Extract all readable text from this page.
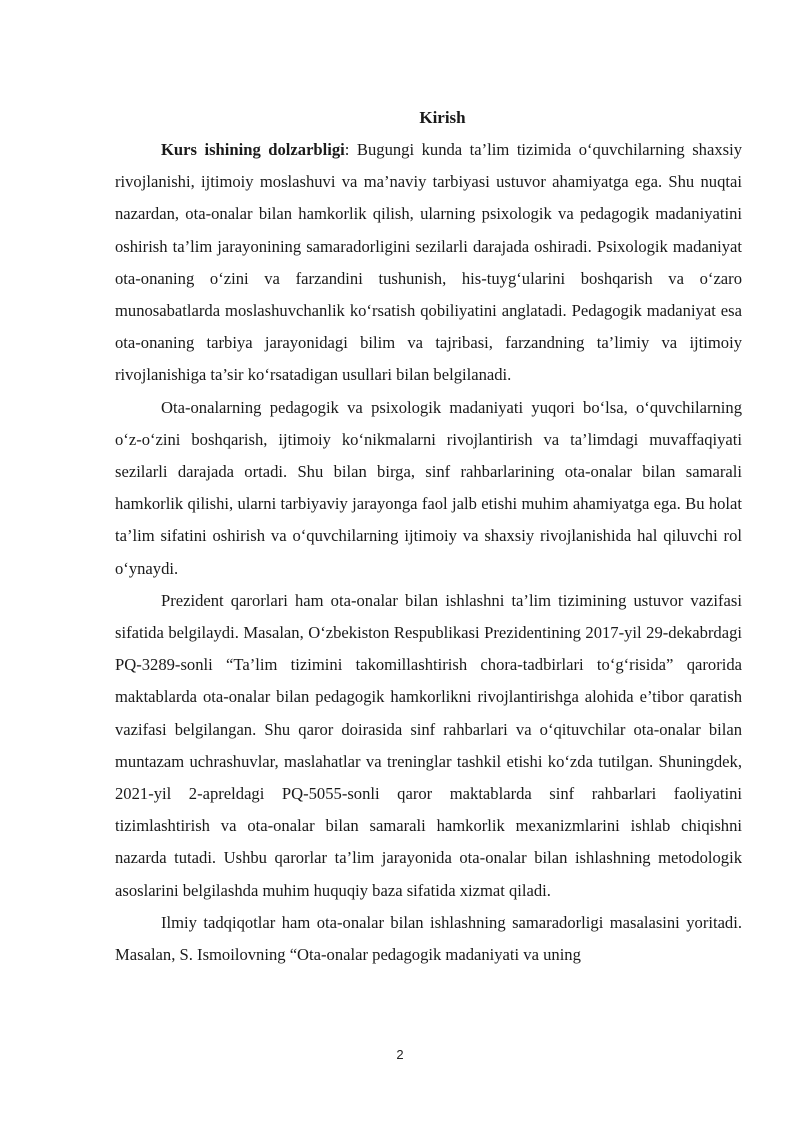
Kirish

Kurs ishining dolzarbligi: Bugungi kunda ta’lim tizimida o‘quvchilarning shaxsiy rivojlanishi, ijtimoiy moslashuvi va ma’naviy tarbiyasi ustuvor ahamiyatga ega. Shu nuqtai nazardan, ota-onalar bilan hamkorlik qilish, ularning psixologik va pedagogik madaniyatini oshirish ta’lim jarayonining samaradorligini sezilarli darajada oshiradi. Psixologik madaniyat ota-onaning o‘zini va farzandini tushunish, his-tuyg‘ularini boshqarish va o‘zaro munosabatlarda moslashuvchanlik ko‘rsatish qobiliyatini anglatadi. Pedagogik madaniyat esa ota-onaning tarbiya jarayonidagi bilim va tajribasi, farzandning ta’limiy va ijtimoiy rivojlanishiga ta’sir ko‘rsatadigan usullari bilan belgilanadi.

Ota-onalarning pedagogik va psixologik madaniyati yuqori bo‘lsa, o‘quvchilarning o‘z-o‘zini boshqarish, ijtimoiy ko‘nikmalarni rivojlantirish va ta’limdagi muvaffaqiyati sezilarli darajada ortadi. Shu bilan birga, sinf rahbarlarining ota-onalar bilan samarali hamkorlik qilishi, ularni tarbiyaviy jarayonga faol jalb etishi muhim ahamiyatga ega. Bu holat ta’lim sifatini oshirish va o‘quvchilarning ijtimoiy va shaxsiy rivojlanishida hal qiluvchi rol o‘ynaydi.

Prezident qarorlari ham ota-onalar bilan ishlashni ta’lim tizimining ustuvor vazifasi sifatida belgilaydi. Masalan, O‘zbekiston Respublikasi Prezidentining 2017-yil 29-dekabrdagi PQ-3289-sonli “Ta’lim tizimini takomillashtirish chora-tadbirlari to‘g‘risida” qarorida maktablarda ota-onalar bilan pedagogik hamkorlikni rivojlantirishga alohida e’tibor qaratish vazifasi belgilangan. Shu qaror doirasida sinf rahbarlari va o‘qituvchilar ota-onalar bilan muntazam uchrashuvlar, maslahatlar va treninglar tashkil etishi ko‘zda tutilgan. Shuningdek, 2021-yil 2-apreldagi PQ-5055-sonli qaror maktablarda sinf rahbarlari faoliyatini tizimlashtirish va ota-onalar bilan samarali hamkorlik mexanizmlarini ishlab chiqishni nazarda tutadi. Ushbu qarorlar ta’lim jarayonida ota-onalar bilan ishlashning metodologik asoslarini belgilashda muhim huquqiy baza sifatida xizmat qiladi.

Ilmiy tadqiqotlar ham ota-onalar bilan ishlashning samaradorligi masalasini yoritadi. Masalan, S. Ismoilovning “Ota-onalar pedagogik madaniyati va uning

2
